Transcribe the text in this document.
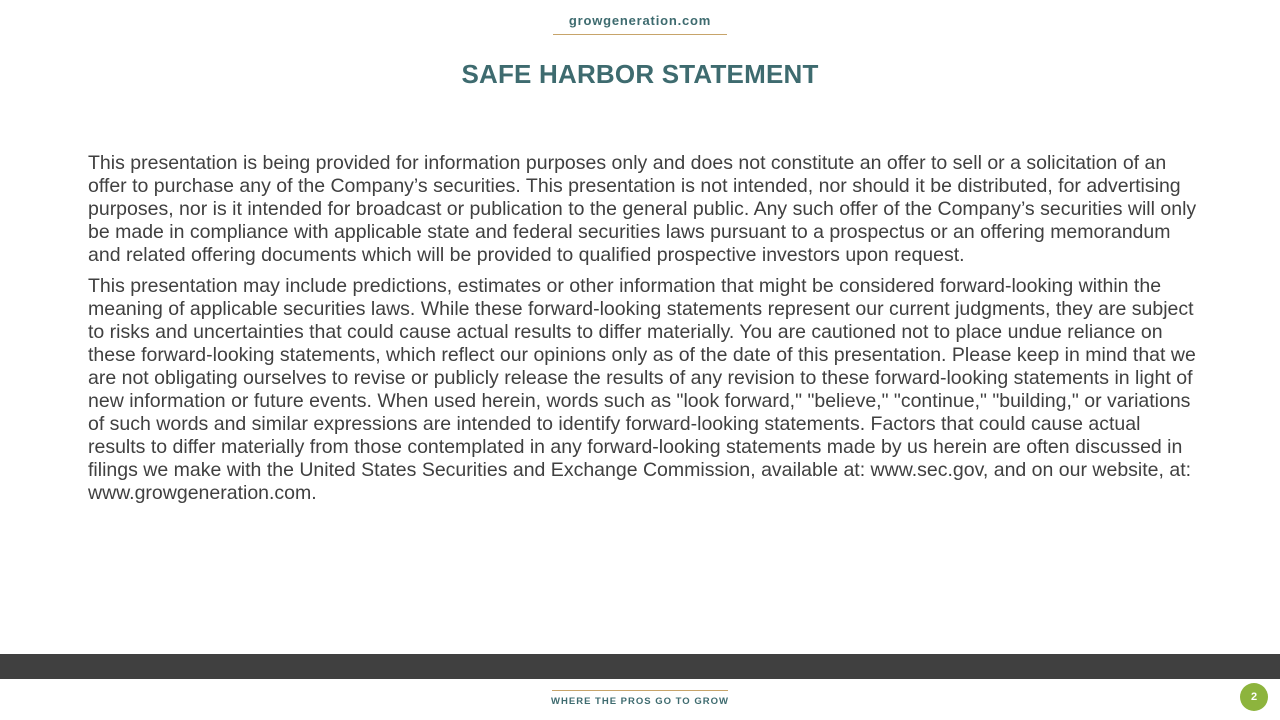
growgeneration.com
SAFE HARBOR STATEMENT

This presentation is being provided for information purposes only and does not constitute an offer to sell or a solicitation of an offer to purchase any of the Company’s securities. This presentation is not intended, nor should it be distributed, for advertising purposes, nor is it intended for broadcast or publication to the general public. Any such offer of the Company’s securities will only be made in compliance with applicable state and federal securities laws pursuant to a prospectus or an offering memorandum and related offering documents which will be provided to qualified prospective investors upon request.

This presentation may include predictions, estimates or other information that might be considered forward-looking within the meaning of applicable securities laws. While these forward-looking statements represent our current judgments, they are subject to risks and uncertainties that could cause actual results to differ materially. You are cautioned not to place undue reliance on these forward-looking statements, which reflect our opinions only as of the date of this presentation. Please keep in mind that we are not obligating ourselves to revise or publicly release the results of any revision to these forward-looking statements in light of new information or future events. When used herein, words such as "look forward," "believe," "continue," "building," or variations of such words and similar expressions are intended to identify forward-looking statements. Factors that could cause actual results to differ materially from those contemplated in any forward-looking statements made by us herein are often discussed in filings we make with the United States Securities and Exchange Commission, available at: www.sec.gov, and on our website, at: www.growgeneration.com.

WHERE THE PROS GO TO GROW	2
